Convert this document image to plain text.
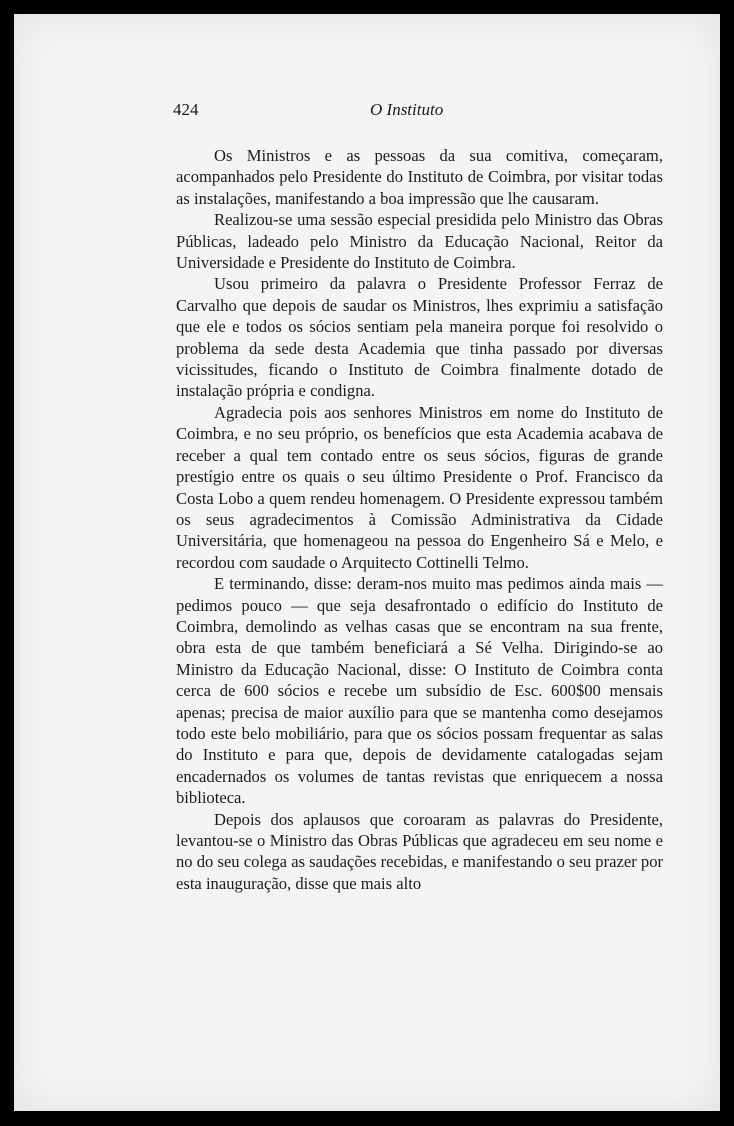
424	O Instituto

Os Ministros e as pessoas da sua comitiva, começaram, acompanhados pelo Presidente do Instituto de Coimbra, por visitar todas as instalações, manifestando a boa impressão que lhe causaram.

Realizou-se uma sessão especial presidida pelo Ministro das Obras Públicas, ladeado pelo Ministro da Educação Nacional, Reitor da Universidade e Presidente do Instituto de Coimbra.

Usou primeiro da palavra o Presidente Professor Ferraz de Carvalho que depois de saudar os Ministros, lhes exprimiu a satisfação que ele e todos os sócios sentiam pela maneira porque foi resolvido o problema da sede desta Academia que tinha passado por diversas vicissitudes, ficando o Instituto de Coimbra finalmente dotado de instalação própria e condigna.

Agradecia pois aos senhores Ministros em nome do Instituto de Coimbra, e no seu próprio, os benefícios que esta Academia acabava de receber a qual tem contado entre os seus sócios, figuras de grande prestígio entre os quais o seu último Presidente o Prof. Francisco da Costa Lobo a quem rendeu homenagem. O Presidente expressou também os seus agradecimentos à Comissão Administrativa da Cidade Universitária, que homenageou na pessoa do Engenheiro Sá e Melo, e recordou com saudade o Arquitecto Cottinelli Telmo.

E terminando, disse: deram-nos muito mas pedimos ainda mais — pedimos pouco — que seja desafrontado o edifício do Instituto de Coimbra, demolindo as velhas casas que se encontram na sua frente, obra esta de que também beneficiará a Sé Velha. Dirigindo-se ao Ministro da Educação Nacional, disse: O Instituto de Coimbra conta cerca de 600 sócios e recebe um subsídio de Esc. 600$00 mensais apenas; precisa de maior auxílio para que se mantenha como desejamos todo este belo mobiliário, para que os sócios possam frequentar as salas do Instituto e para que, depois de devidamente catalogadas sejam encadernados os volumes de tantas revistas que enriquecem a nossa biblioteca.

Depois dos aplausos que coroaram as palavras do Presidente, levantou-se o Ministro das Obras Públicas que agradeceu em seu nome e no do seu colega as saudações recebidas, e manifestando o seu prazer por esta inauguração, disse que mais alto
